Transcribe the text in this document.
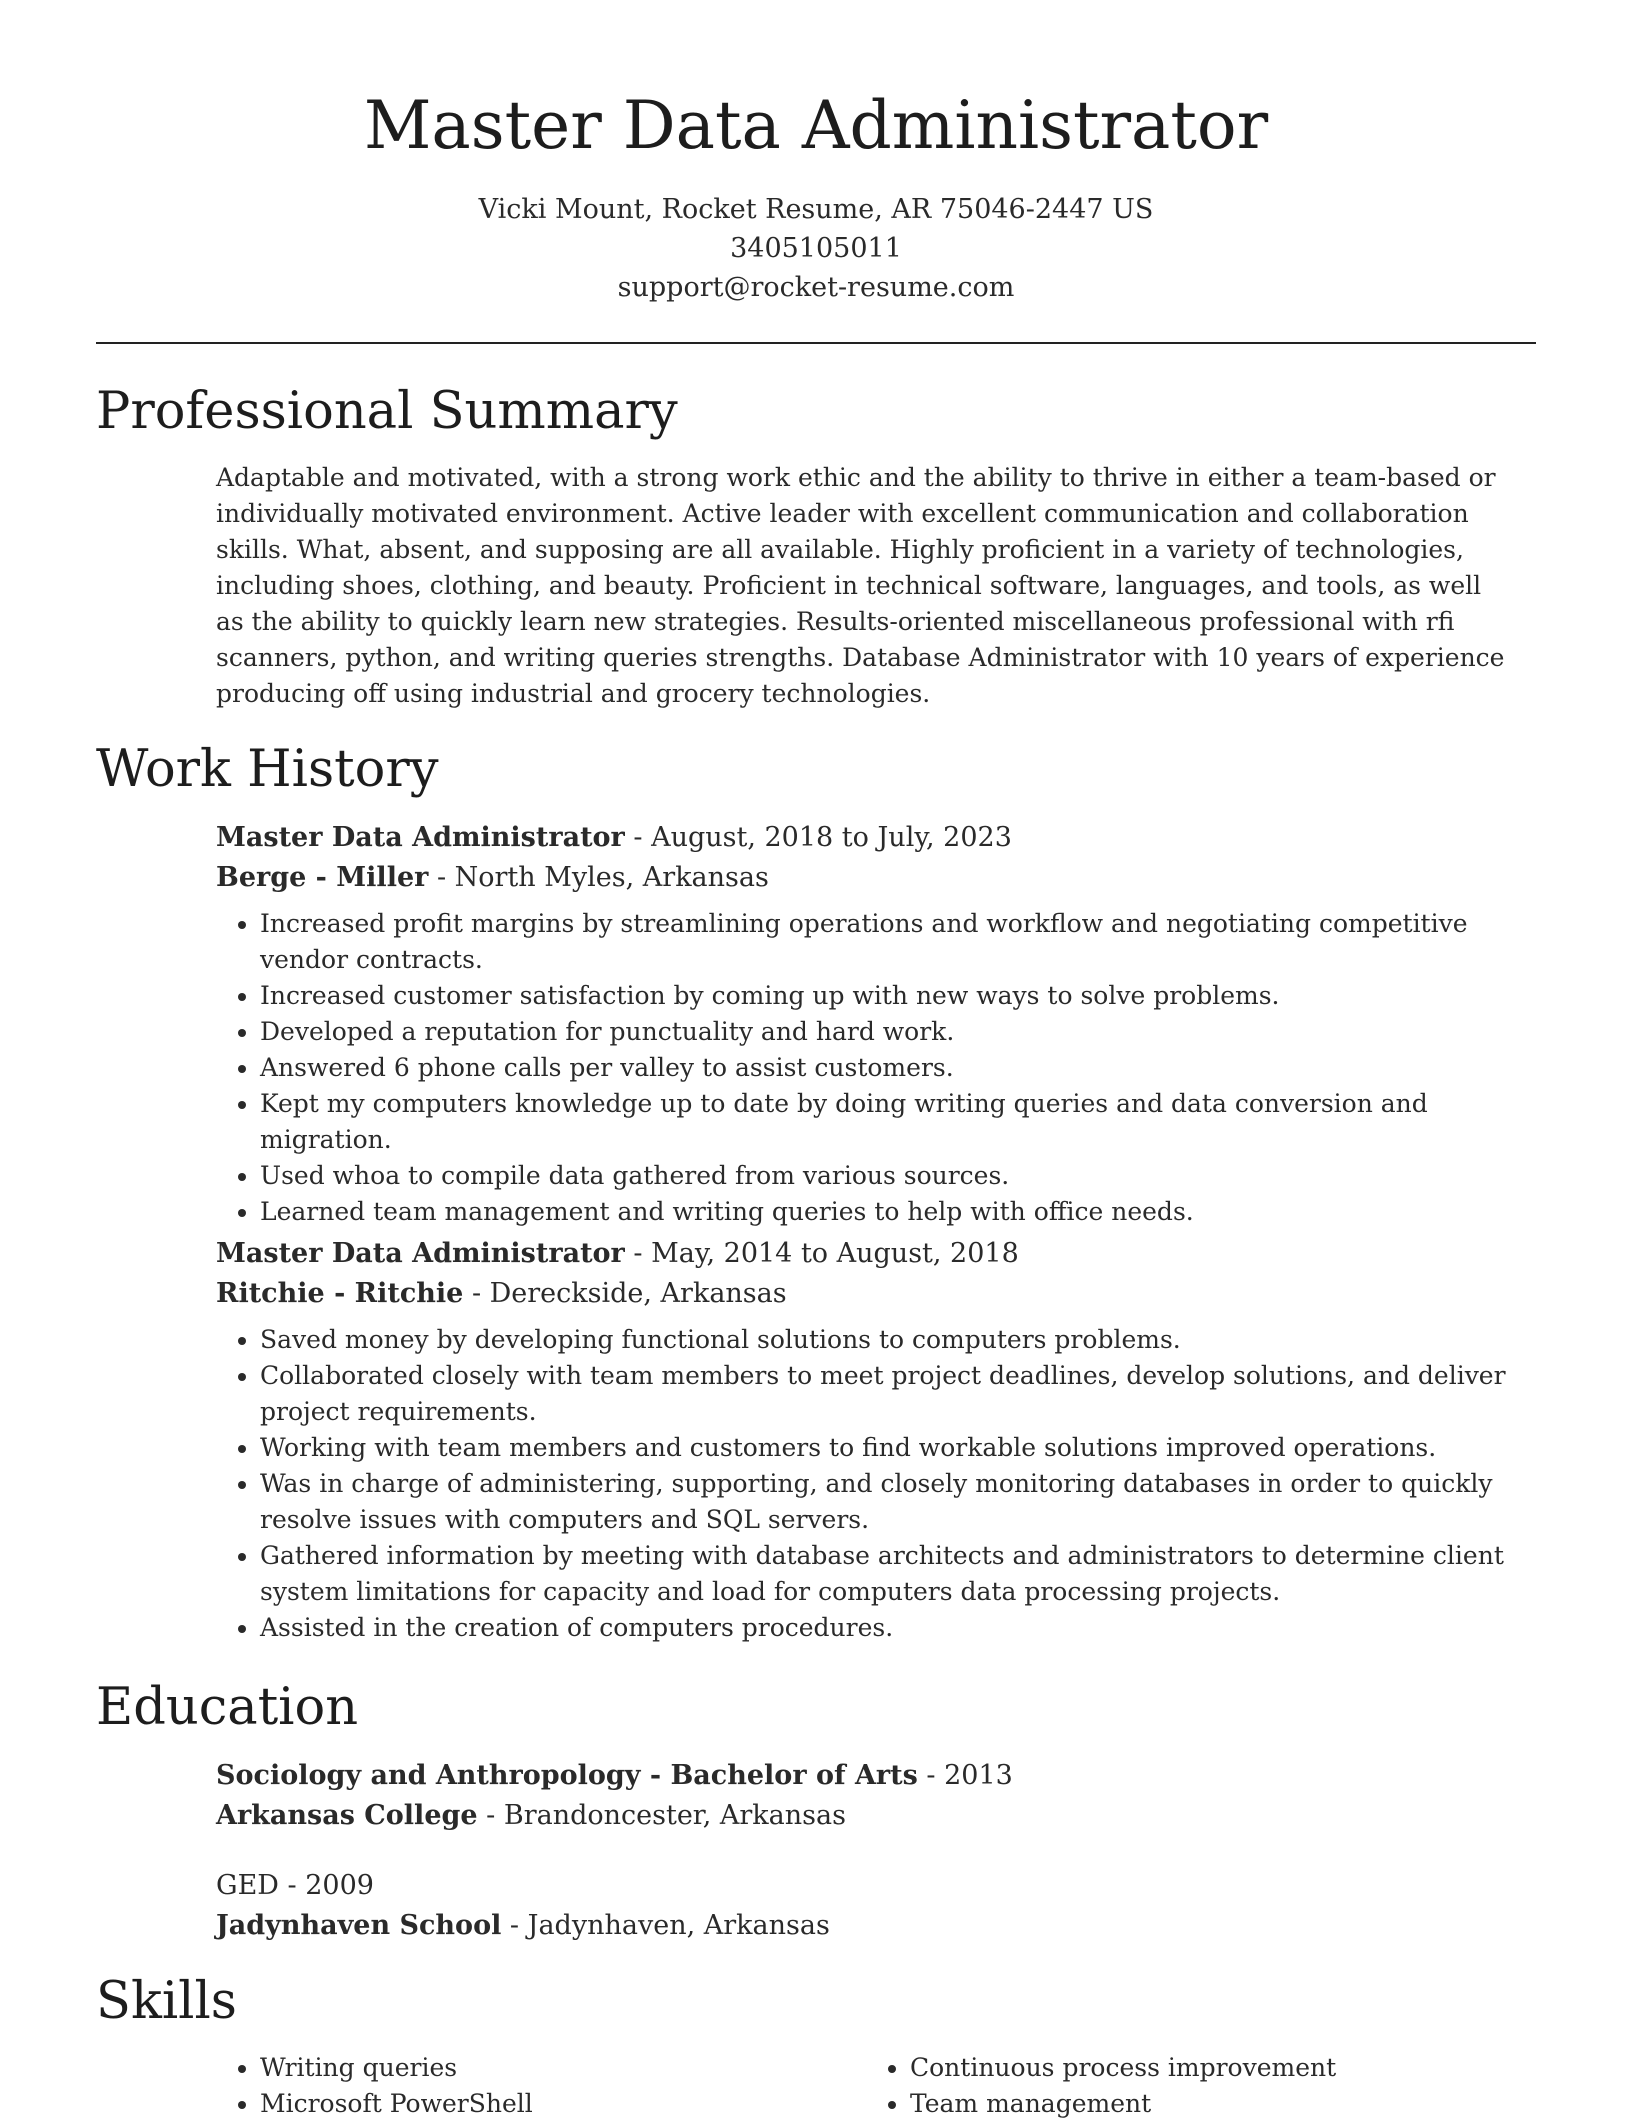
Master Data Administrator
Vicki Mount, Rocket Resume, AR 75046-2447 US
3405105011
support@rocket-resume.com
Professional Summary

Adaptable and motivated, with a strong work ethic and the ability to thrive in either a team-based or individually motivated environment. Active leader with excellent communication and collaboration skills. What, absent, and supposing are all available. Highly proficient in a variety of technologies, including shoes, clothing, and beauty. Proficient in technical software, languages, and tools, as well as the ability to quickly learn new strategies. Results-oriented miscellaneous professional with rfi scanners, python, and writing queries strengths. Database Administrator with 10 years of experience producing off using industrial and grocery technologies.

Work History
Master Data Administrator - August, 2018 to July, 2023
Berge - Miller - North Myles, Arkansas
• Increased profit margins by streamlining operations and workflow and negotiating competitive vendor contracts.
• Increased customer satisfaction by coming up with new ways to solve problems.
• Developed a reputation for punctuality and hard work.
• Answered 6 phone calls per valley to assist customers.
• Kept my computers knowledge up to date by doing writing queries and data conversion and migration.
• Used whoa to compile data gathered from various sources.
• Learned team management and writing queries to help with office needs.
Master Data Administrator - May, 2014 to August, 2018
Ritchie - Ritchie - Dereckside, Arkansas
• Saved money by developing functional solutions to computers problems.
• Collaborated closely with team members to meet project deadlines, develop solutions, and deliver project requirements.
• Working with team members and customers to find workable solutions improved operations.
• Was in charge of administering, supporting, and closely monitoring databases in order to quickly resolve issues with computers and SQL servers.
• Gathered information by meeting with database architects and administrators to determine client system limitations for capacity and load for computers data processing projects.
• Assisted in the creation of computers procedures.
Education
Sociology and Anthropology - Bachelor of Arts - 2013
Arkansas College - Brandoncester, Arkansas
GED - 2009
Jadynhaven School - Jadynhaven, Arkansas
Skills
• Writing queries
• Microsoft PowerShell
• Continuous process improvement
• Team management
